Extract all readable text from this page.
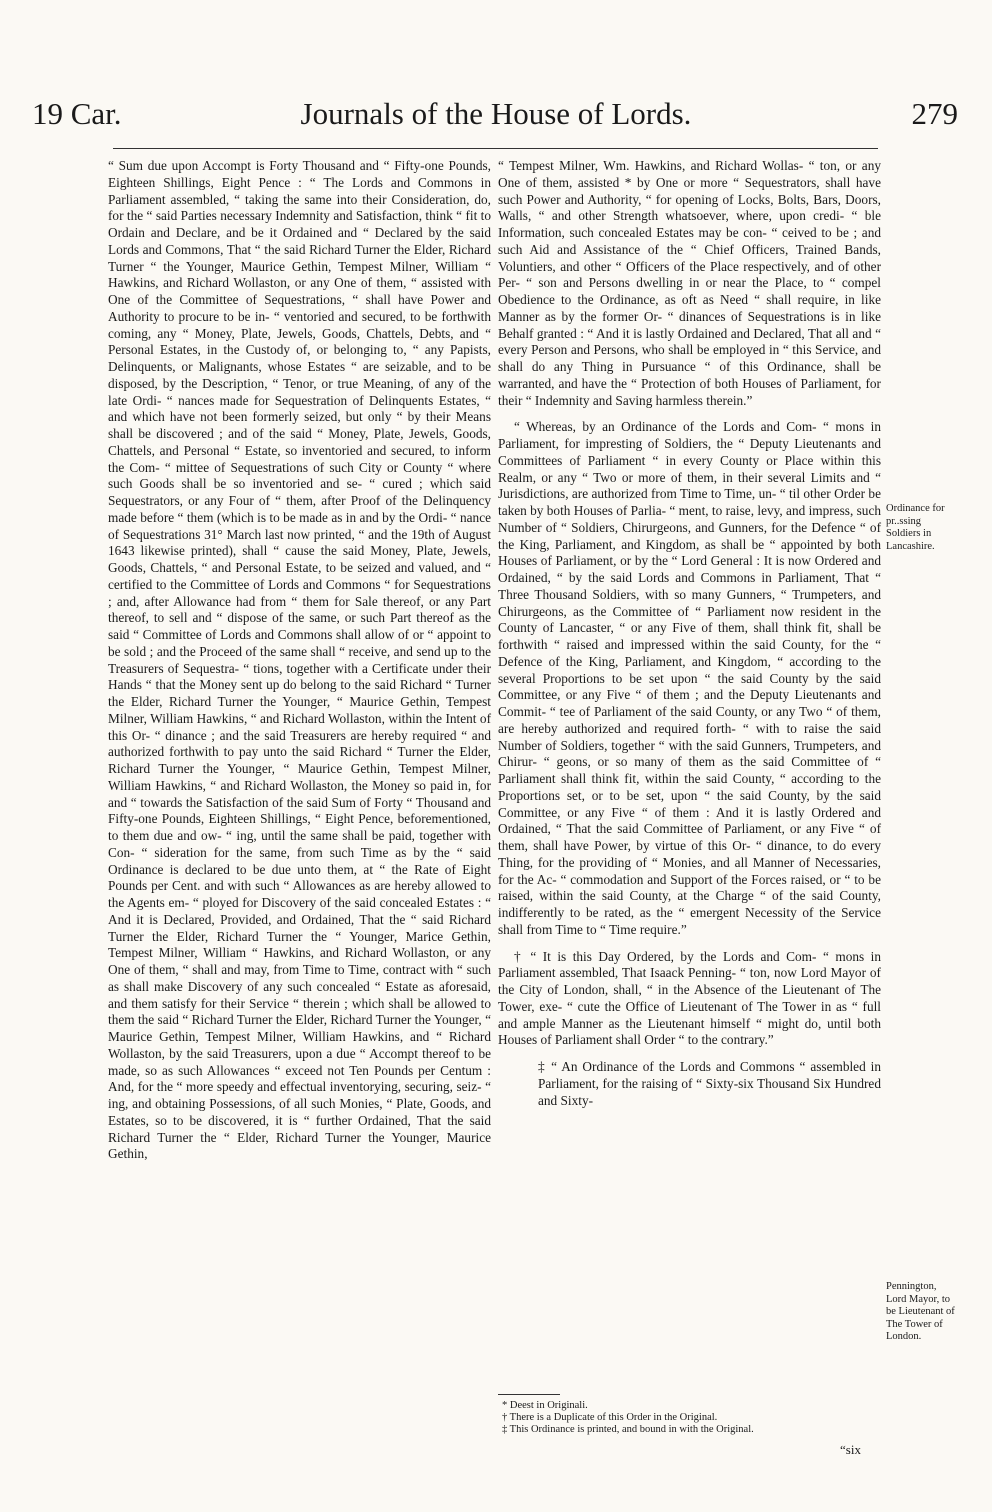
19 Car.	Journals of the House of Lords.	279

“ Sum due upon Accompt is Forty Thousand and “ Fifty-one Pounds, Eighteen Shillings, Eight Pence : “ The Lords and Commons in Parliament assembled, “ taking the same into their Consideration, do, for the “ said Parties necessary Indemnity and Satisfaction, think “ fit to Ordain and Declare, and be it Ordained and “ Declared by the said Lords and Commons, That “ the said Richard Turner the Elder, Richard Turner “ the Younger, Maurice Gethin, Tempest Milner, William “ Hawkins, and Richard Wollaston, or any One of them, “ assisted with One of the Committee of Sequestrations, “ shall have Power and Authority to procure to be in- “ ventoried and secured, to be forthwith coming, any “ Money, Plate, Jewels, Goods, Chattels, Debts, and “ Personal Estates, in the Custody of, or belonging to, “ any Papists, Delinquents, or Malignants, whose Estates “ are seizable, and to be disposed, by the Description, “ Tenor, or true Meaning, of any of the late Ordi- “ nances made for Sequestration of Delinquents Estates, “ and which have not been formerly seized, but only “ by their Means shall be discovered ; and of the said “ Money, Plate, Jewels, Goods, Chattels, and Personal “ Estate, so inventoried and secured, to inform the Com- “ mittee of Sequestrations of such City or County “ where such Goods shall be so inventoried and se- “ cured ; which said Sequestrators, or any Four of “ them, after Proof of the Delinquency made before “ them (which is to be made as in and by the Ordi- “ nance of Sequestrations 31° March last now printed, “ and the 19th of August 1643 likewise printed), shall “ cause the said Money, Plate, Jewels, Goods, Chattels, “ and Personal Estate, to be seized and valued, and “ certified to the Committee of Lords and Commons “ for Sequestrations ; and, after Allowance had from “ them for Sale thereof, or any Part thereof, to sell and “ dispose of the same, or such Part thereof as the said “ Committee of Lords and Commons shall allow of or “ appoint to be sold ; and the Proceed of the same shall “ receive, and send up to the Treasurers of Sequestra- “ tions, together with a Certificate under their Hands “ that the Money sent up do belong to the said Richard “ Turner the Elder, Richard Turner the Younger, “ Maurice Gethin, Tempest Milner, William Hawkins, “ and Richard Wollaston, within the Intent of this Or- “ dinance ; and the said Treasurers are hereby required “ and authorized forthwith to pay unto the said Richard “ Turner the Elder, Richard Turner the Younger, “ Maurice Gethin, Tempest Milner, William Hawkins, “ and Richard Wollaston, the Money so paid in, for and “ towards the Satisfaction of the said Sum of Forty “ Thousand and Fifty-one Pounds, Eighteen Shillings, “ Eight Pence, beforementioned, to them due and ow- “ ing, until the same shall be paid, together with Con- “ sideration for the same, from such Time as by the “ said Ordinance is declared to be due unto them, at “ the Rate of Eight Pounds per Cent. and with such “ Allowances as are hereby allowed to the Agents em- “ ployed for Discovery of the said concealed Estates : “ And it is Declared, Provided, and Ordained, That the “ said Richard Turner the Elder, Richard Turner the “ Younger, Marice Gethin, Tempest Milner, William “ Hawkins, and Richard Wollaston, or any One of them, “ shall and may, from Time to Time, contract with “ such as shall make Discovery of any such concealed “ Estate as aforesaid, and them satisfy for their Service “ therein ; which shall be allowed to them the said “ Richard Turner the Elder, Richard Turner the Younger, “ Maurice Gethin, Tempest Milner, William Hawkins, and “ Richard Wollaston, by the said Treasurers, upon a due “ Accompt thereof to be made, so as such Allowances “ exceed not Ten Pounds per Centum : And, for the “ more speedy and effectual inventorying, securing, seiz- “ ing, and obtaining Possessions, of all such Monies, “ Plate, Goods, and Estates, so to be discovered, it is “ further Ordained, That the said Richard Turner the “ Elder, Richard Turner the Younger, Maurice Gethin,

“ Tempest Milner, Wm. Hawkins, and Richard Wollas- “ ton, or any One of them, assisted * by One or more “ Sequestrators, shall have such Power and Authority, “ for opening of Locks, Bolts, Bars, Doors, Walls, “ and other Strength whatsoever, where, upon credi- “ ble Information, such concealed Estates may be con- “ ceived to be ; and such Aid and Assistance of the “ Chief Officers, Trained Bands, Voluntiers, and other “ Officers of the Place respectively, and of other Per- “ son and Persons dwelling in or near the Place, to “ compel Obedience to the Ordinance, as oft as Need “ shall require, in like Manner as by the former Or- “ dinances of Sequestrations is in like Behalf granted : “ And it is lastly Ordained and Declared, That all and “ every Person and Persons, who shall be employed in “ this Service, and shall do any Thing in Pursuance “ of this Ordinance, shall be warranted, and have the “ Protection of both Houses of Parliament, for their “ Indemnity and Saving harmless therein.”

“ Whereas, by an Ordinance of the Lords and Com- “ mons in Parliament, for impresting of Soldiers, the “ Deputy Lieutenants and Committees of Parliament “ in every County or Place within this Realm, or any “ Two or more of them, in their several Limits and “ Jurisdictions, are authorized from Time to Time, un- “ til other Order be taken by both Houses of Parlia- “ ment, to raise, levy, and impress, such Number of “ Soldiers, Chirurgeons, and Gunners, for the Defence “ of the King, Parliament, and Kingdom, as shall be “ appointed by both Houses of Parliament, or by the “ Lord General : It is now Ordered and Ordained, “ by the said Lords and Commons in Parliament, That “ Three Thousand Soldiers, with so many Gunners, “ Trumpeters, and Chirurgeons, as the Committee of “ Parliament now resident in the County of Lancaster, “ or any Five of them, shall think fit, shall be forthwith “ raised and impressed within the said County, for the “ Defence of the King, Parliament, and Kingdom, “ according to the several Proportions to be set upon “ the said County by the said Committee, or any Five “ of them ; and the Deputy Lieutenants and Commit- “ tee of Parliament of the said County, or any Two “ of them, are hereby authorized and required forth- “ with to raise the said Number of Soldiers, together “ with the said Gunners, Trumpeters, and Chirur- “ geons, or so many of them as the said Committee of “ Parliament shall think fit, within the said County, “ according to the Proportions set, or to be set, upon “ the said County, by the said Committee, or any Five “ of them : And it is lastly Ordered and Ordained, “ That the said Committee of Parliament, or any Five “ of them, shall have Power, by virtue of this Or- “ dinance, to do every Thing, for the providing of “ Monies, and all Manner of Necessaries, for the Ac- “ commodation and Support of the Forces raised, or “ to be raised, within the said County, at the Charge “ of the said County, indifferently to be rated, as the “ emergent Necessity of the Service shall from Time to “ Time require.”

† “ It is this Day Ordered, by the Lords and Com- “ mons in Parliament assembled, That Isaack Penning- “ ton, now Lord Mayor of the City of London, shall, “ in the Absence of the Lieutenant of The Tower, exe- “ cute the Office of Lieutenant of The Tower in as “ full and ample Manner as the Lieutenant himself “ might do, until both Houses of Parliament shall Order “ to the contrary.”

‡ “ An Ordinance of the Lords and Commons “ assembled in Parliament, for the raising of “ Sixty-six Thousand Six Hundred and Sixty-

Ordinance for pr..ssing Soldiers in Lancashire.
Pennington, Lord Mayor, to be Lieutenant of The Tower of London.
* Deest in Originali.
† There is a Duplicate of this Order in the Original.
‡ This Ordinance is printed, and bound in with the Original.
“six
